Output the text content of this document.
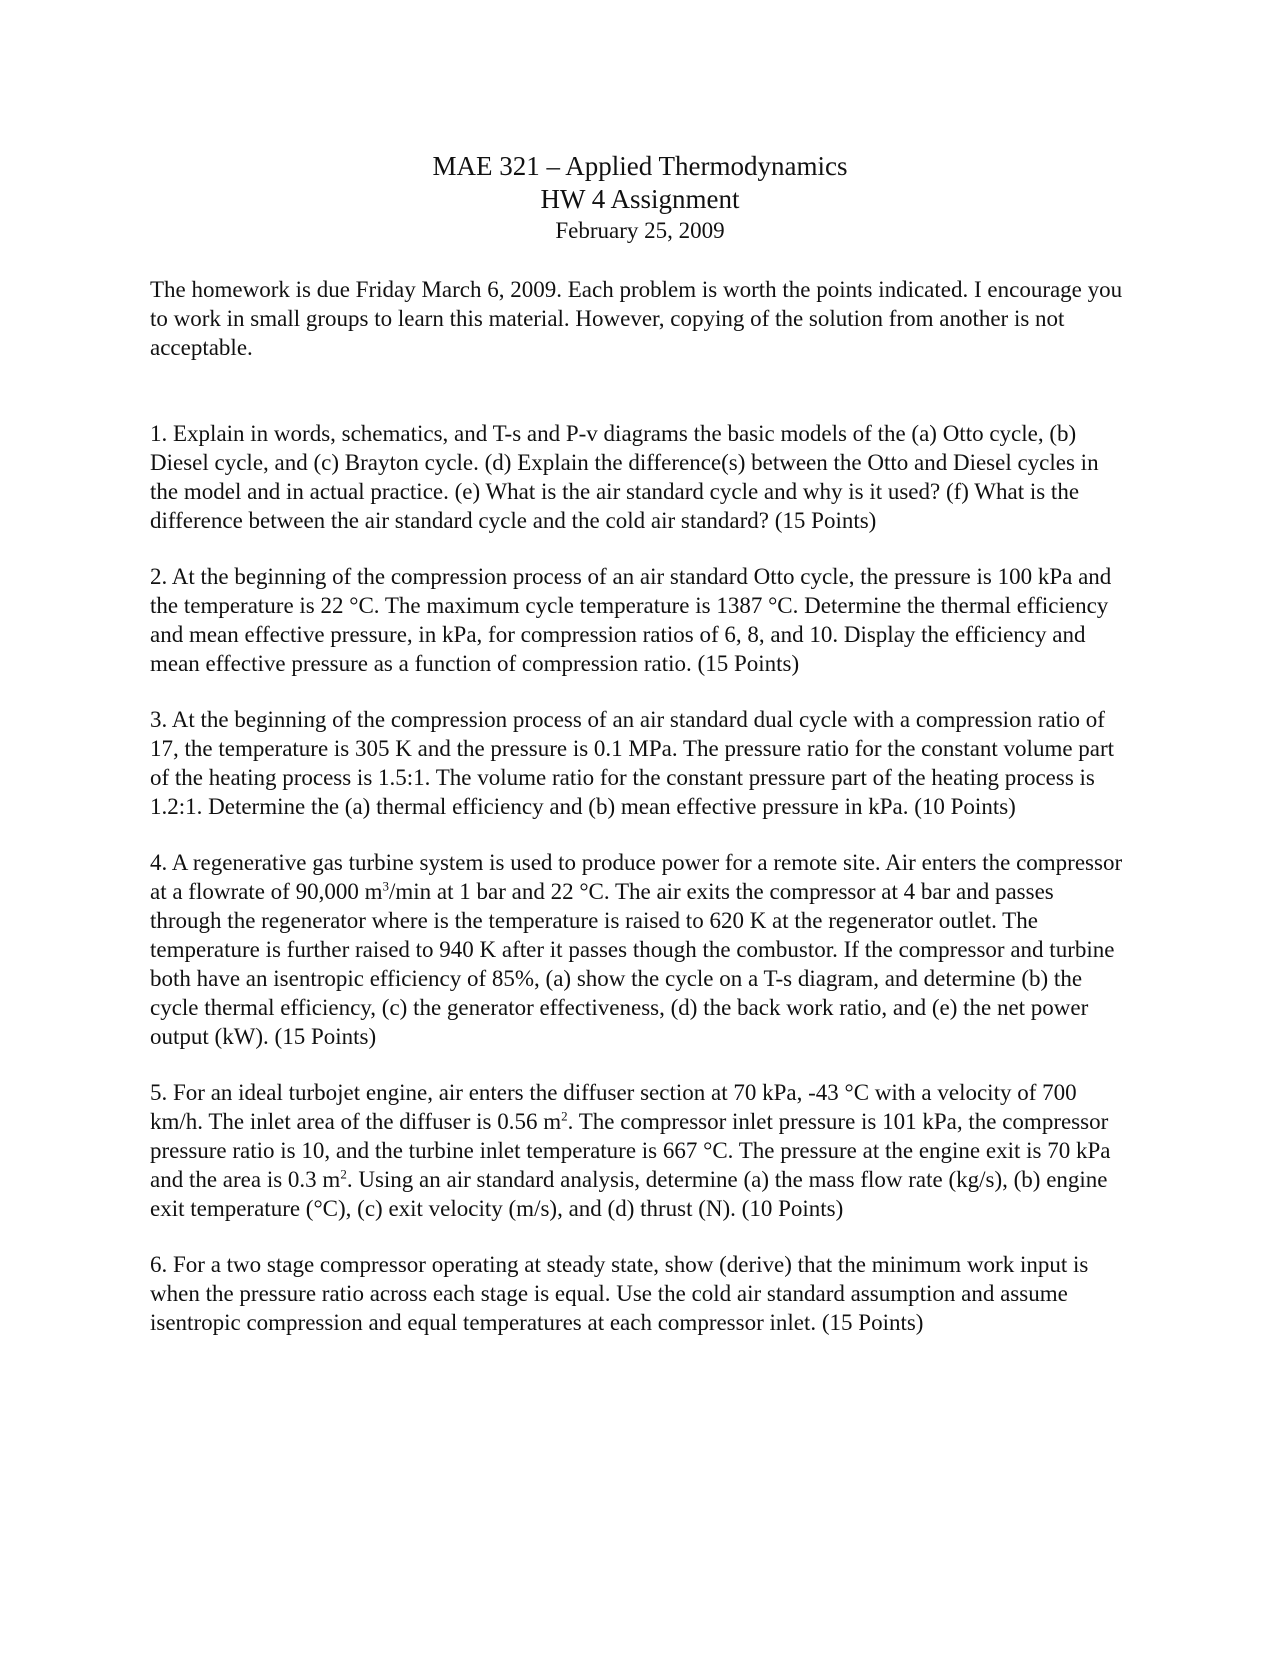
MAE 321 – Applied Thermodynamics
HW 4 Assignment
February 25, 2009

The homework is due Friday March 6, 2009. Each problem is worth the points indicated. I encourage you to work in small groups to learn this material. However, copying of the solution from another is not acceptable.

1. Explain in words, schematics, and T-s and P-v diagrams the basic models of the (a) Otto cycle, (b) Diesel cycle, and (c) Brayton cycle. (d) Explain the difference(s) between the Otto and Diesel cycles in the model and in actual practice. (e) What is the air standard cycle and why is it used? (f) What is the difference between the air standard cycle and the cold air standard? (15 Points)

2. At the beginning of the compression process of an air standard Otto cycle, the pressure is 100 kPa and the temperature is 22 °C. The maximum cycle temperature is 1387 °C. Determine the thermal efficiency and mean effective pressure, in kPa, for compression ratios of 6, 8, and 10. Display the efficiency and mean effective pressure as a function of compression ratio. (15 Points)

3. At the beginning of the compression process of an air standard dual cycle with a compression ratio of 17, the temperature is 305 K and the pressure is 0.1 MPa. The pressure ratio for the constant volume part of the heating process is 1.5:1. The volume ratio for the constant pressure part of the heating process is 1.2:1. Determine the (a) thermal efficiency and (b) mean effective pressure in kPa. (10 Points)

4. A regenerative gas turbine system is used to produce power for a remote site. Air enters the compressor at a flowrate of 90,000 $m^3/\min$ at 1 bar and 22 °C. The air exits the compressor at 4 bar and passes through the regenerator where is the temperature is raised to 620 K at the regenerator outlet. The temperature is further raised to 940 K after it passes though the combustor. If the compressor and turbine both have an isentropic efficiency of 85%, (a) show the cycle on a T-s diagram, and determine (b) the cycle thermal efficiency, (c) the generator effectiveness, (d) the back work ratio, and (e) the net power output (kW). (15 Points)

5. For an ideal turbojet engine, air enters the diffuser section at 70 kPa, -43 °C with a velocity of 700 km/h. The inlet area of the diffuser is 0.56 $m^2$. The compressor inlet pressure is 101 kPa, the compressor pressure ratio is 10, and the turbine inlet temperature is 667 °C. The pressure at the engine exit is 70 kPa and the area is 0.3 $m^2$. Using an air standard analysis, determine (a) the mass flow rate (kg/s), (b) engine exit temperature (°C), (c) exit velocity (m/s), and (d) thrust (N). (10 Points)

6. For a two stage compressor operating at steady state, show (derive) that the minimum work input is when the pressure ratio across each stage is equal. Use the cold air standard assumption and assume isentropic compression and equal temperatures at each compressor inlet. (15 Points)
